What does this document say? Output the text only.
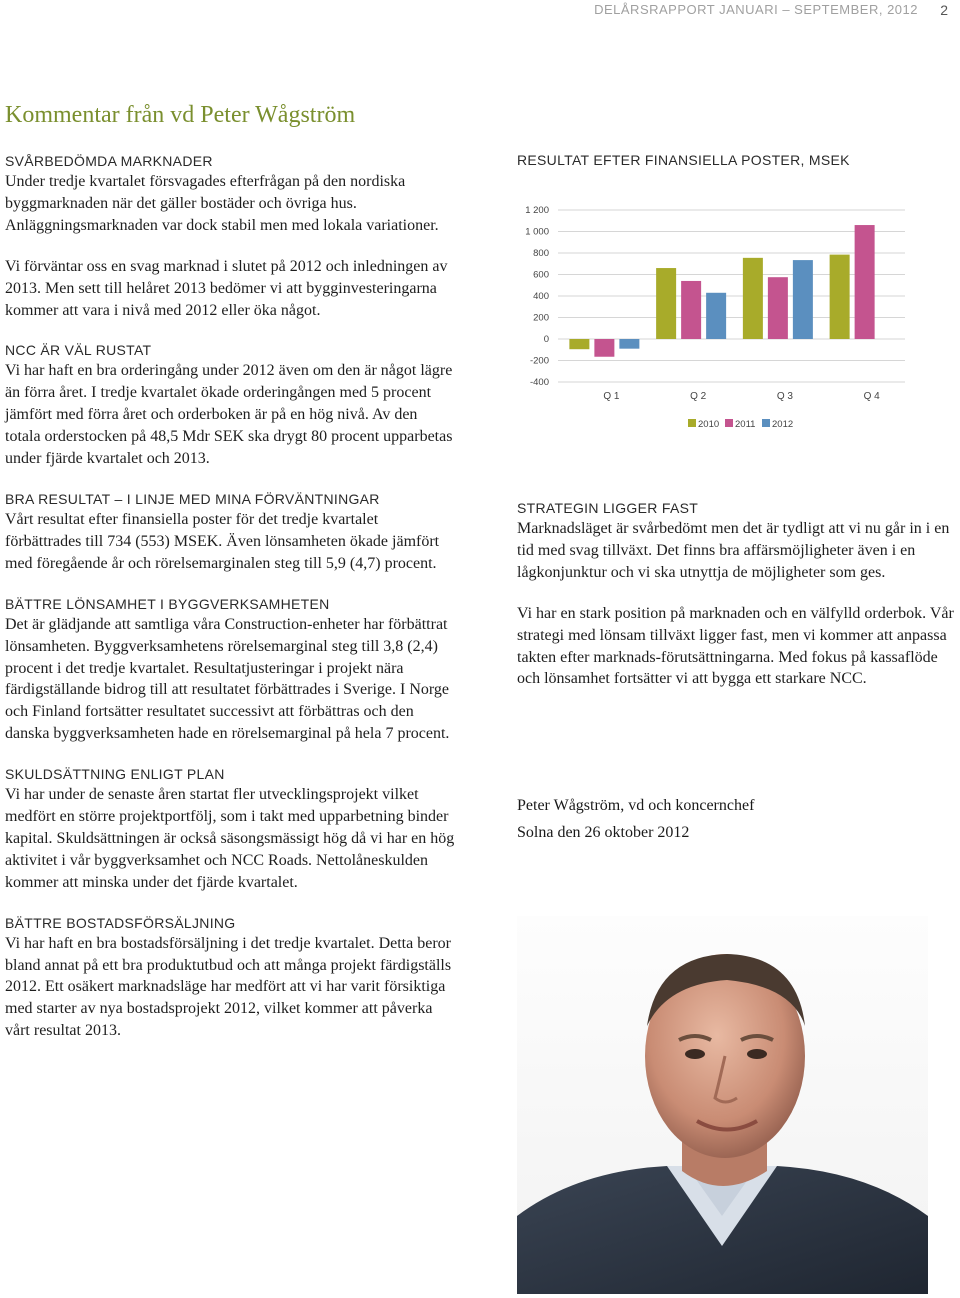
DELÅRSRAPPORT JANUARI – SEPTEMBER, 2012 2
Kommentar från vd Peter Wågström
SVÅRBEDÖMDA MARKNADER
Under tredje kvartalet försvagades efterfrågan på den nordiska byggmarknaden när det gäller bostäder och övriga hus. Anläggningsmarknaden var dock stabil men med lokala variationer.
Vi förväntar oss en svag marknad i slutet på 2012 och inledningen av 2013. Men sett till helåret 2013 bedömer vi att bygginvesteringarna kommer att vara i nivå med 2012 eller öka något.
NCC ÄR VÄL RUSTAT
Vi har haft en bra orderingång under 2012 även om den är något lägre än förra året. I tredje kvartalet ökade orderingången med 5 procent jämfört med förra året och orderboken är på en hög nivå. Av den totala orderstocken på 48,5 Mdr SEK ska drygt 80 procent upparbetas under fjärde kvartalet och 2013.
BRA RESULTAT – I LINJE MED MINA FÖRVÄNTNINGAR
Vårt resultat efter finansiella poster för det tredje kvartalet förbättrades till 734 (553) MSEK. Även lönsamheten ökade jämfört med föregående år och rörelsemarginalen steg till 5,9 (4,7) procent.
BÄTTRE LÖNSAMHET I BYGGVERKSAMHETEN
Det är glädjande att samtliga våra Construction-enheter har förbättrat lönsamheten. Byggverksamhetens rörelsemarginal steg till 3,8 (2,4) procent i det tredje kvartalet. Resultatjusteringar i projekt nära färdigställande bidrog till att resultatet förbättrades i Sverige. I Norge och Finland fortsätter resultatet successivt att förbättras och den danska byggverksamheten hade en rörelsemarginal på hela 7 procent.
SKULDSÄTTNING ENLIGT PLAN
Vi har under de senaste åren startat fler utvecklingsprojekt vilket medfört en större projektportfölj, som i takt med upparbetning binder kapital. Skuldsättningen är också säsongsmässigt hög då vi har en hög aktivitet i vår byggverksamhet och NCC Roads. Nettolåneskulden kommer att minska under det fjärde kvartalet.
BÄTTRE BOSTADSFÖRSÄLJNING
Vi har haft en bra bostadsförsäljning i det tredje kvartalet. Detta beror bland annat på ett bra produktutbud och att många projekt färdigställs 2012. Ett osäkert marknadsläge har medfört att vi har varit försiktiga med starter av nya bostadsprojekt 2012, vilket kommer att påverka vårt resultat 2013.
RESULTAT EFTER FINANSIELLA POSTER, MSEK
1 200
1 000
800
600
400
200
0
-200
-400
Q 1	Q 2	Q 3	Q 4
2010 2011 2012
STRATEGIN LIGGER FAST
Marknadsläget är svårbedömt men det är tydligt att vi nu går in i en tid med svag tillväxt. Det finns bra affärsmöjligheter även i en lågkonjunktur och vi ska utnyttja de möjligheter som ges.
Vi har en stark position på marknaden och en välfylld orderbok. Vår strategi med lönsam tillväxt ligger fast, men vi kommer att anpassa takten efter marknads-förutsättningarna. Med fokus på kassaflöde och lönsamhet fortsätter vi att bygga ett starkare NCC.
Peter Wågström, vd och koncernchef
Solna den 26 oktober 2012
